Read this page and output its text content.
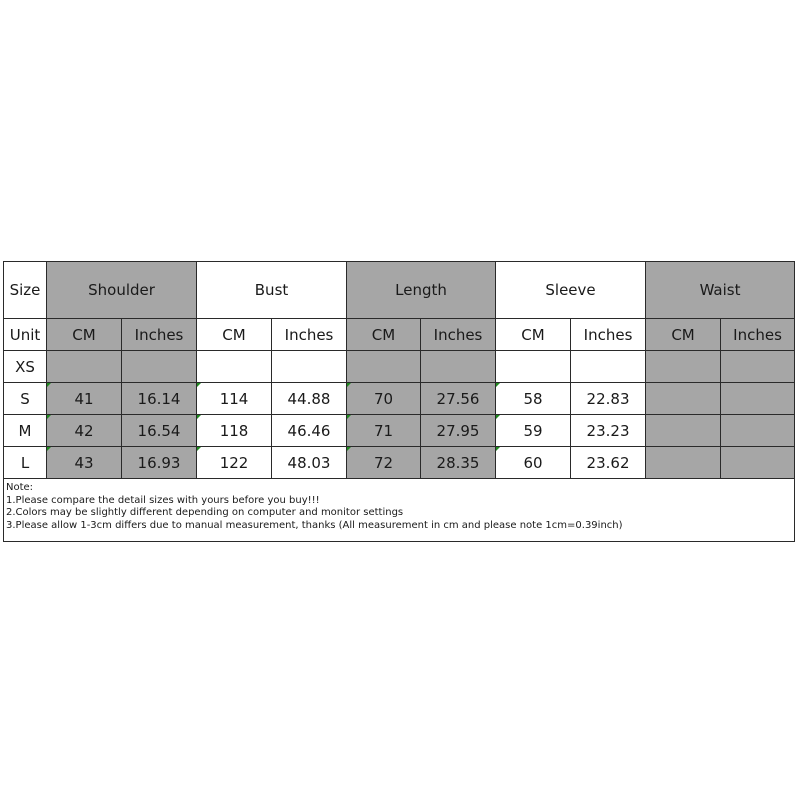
Size	Shoulder		Bust		Length		Sleeve		Waist	
Unit	CM	Inches	CM	Inches	CM	Inches	CM	Inches	CM	Inches
XS										
S	41	16.14	114	44.88	70	27.56	58	22.83		
M	42	16.54	118	46.46	71	27.95	59	23.23		
L	43	16.93	122	48.03	72	28.35	60	23.62		

Note:
1.Please compare the detail sizes with yours before you buy!!!
2.Colors may be slightly different depending on computer and monitor settings
3.Please allow 1-3cm differs due to manual measurement, thanks (All measurement in cm and please note 1cm=0.39inch)										
